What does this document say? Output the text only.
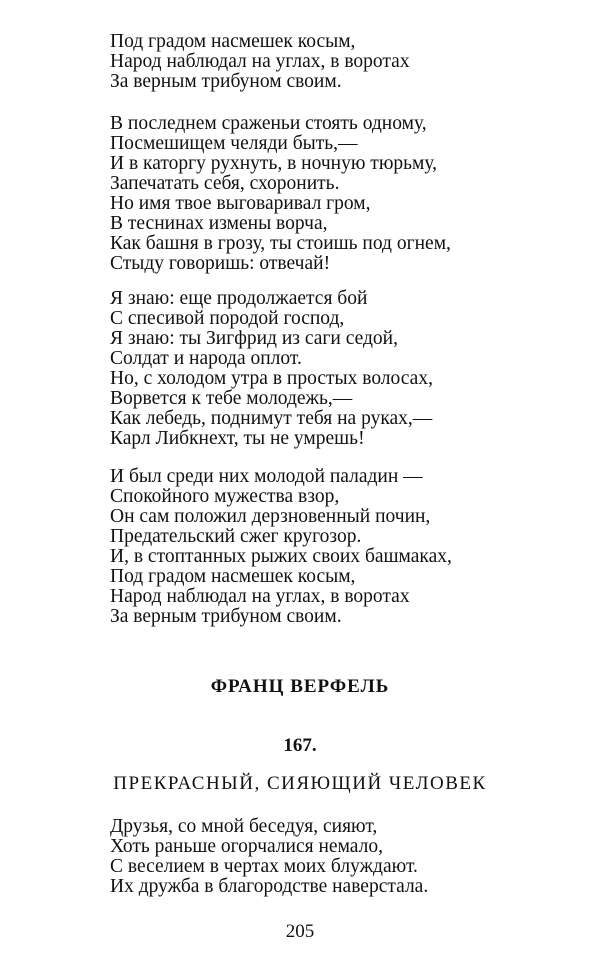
Под градом насмешек косым,
Народ наблюдал на углах, в воротах
За верным трибуном своим.
В последнем сраженьи стоять одному,
Посмешищем челяди быть,—
И в каторгу рухнуть, в ночную тюрьму,
Запечатать себя, схоронить.
Но имя твое выговаривал гром,
В теснинах измены ворча,
Как башня в грозу, ты стоишь под огнем,
Стыду говоришь: отвечай!
Я знаю: еще продолжается бой
С спесивой породой господ,
Я знаю: ты Зигфрид из саги седой,
Солдат и народа оплот.
Но, с холодом утра в простых волосах,
Ворвется к тебе молодежь,—
Как лебедь, поднимут тебя на руках,—
Карл Либкнехт, ты не умрешь!
И был среди них молодой паладин —
Спокойного мужества взор,
Он сам положил дерзновенный почин,
Предательский сжег кругозор.
И, в стоптанных рыжих своих башмаках,
Под градом насмешек косым,
Народ наблюдал на углах, в воротах
За верным трибуном своим.
ФРАНЦ ВЕРФЕЛЬ
167.
ПРЕКРАСНЫЙ, СИЯЮЩИЙ ЧЕЛОВЕК
Друзья, со мной беседуя, сияют,
Хоть раньше огорчалися немало,
С веселием в чертах моих блуждают.
Их дружба в благородстве наверстала.
205
